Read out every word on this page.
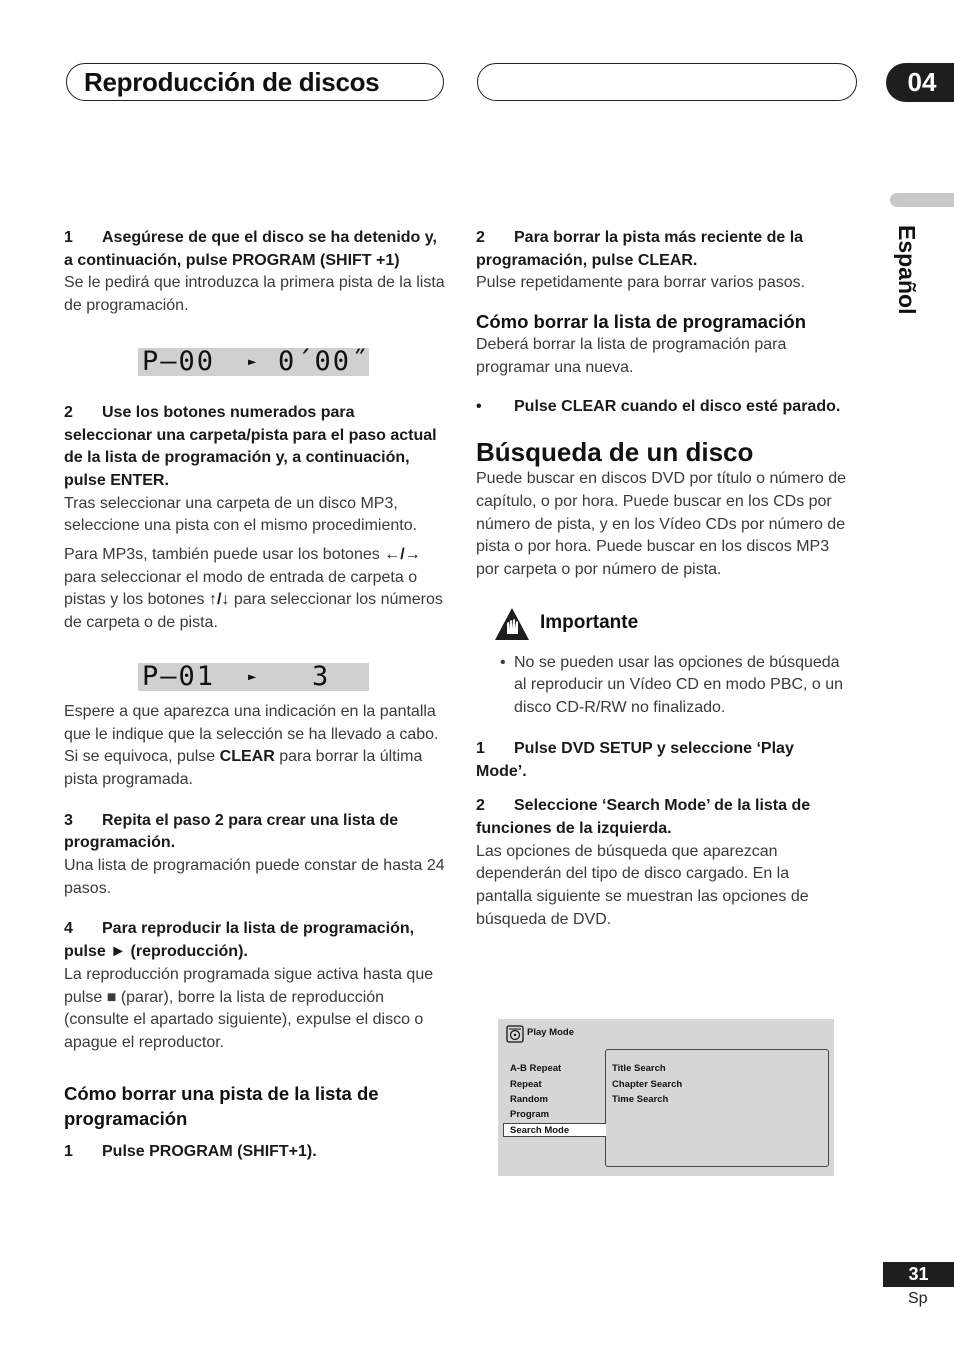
Reproducción de discos	04
Español

1 Asegúrese de que el disco se ha detenido y, a continuación, pulse PROGRAM (SHIFT +1)

Se le pedirá que introduzca la primera pista de la lista de programación.

P–00 ► 0´00˝

2 Use los botones numerados para seleccionar una carpeta/pista para el paso actual de la lista de programación y, a continuación, pulse ENTER.

Tras seleccionar una carpeta de un disco MP3, seleccione una pista con el mismo procedimiento.

Para MP3s, también puede usar los botones ←/→ para seleccionar el modo de entrada de carpeta o pistas y los botones ↑/↓ para seleccionar los números de carpeta o de pista.

P–01 ► 3

Espere a que aparezca una indicación en la pantalla que le indique que la selección se ha llevado a cabo. Si se equivoca, pulse CLEAR para borrar la última pista programada.

3 Repita el paso 2 para crear una lista de programación.

Una lista de programación puede constar de hasta 24 pasos.

4 Para reproducir la lista de programación, pulse ► (reproducción).

La reproducción programada sigue activa hasta que pulse ■ (parar), borre la lista de reproducción (consulte el apartado siguiente), expulse el disco o apague el reproductor.

Cómo borrar una pista de la lista de programación

1 Pulse PROGRAM (SHIFT+1).

2 Para borrar la pista más reciente de la programación, pulse CLEAR.

Pulse repetidamente para borrar varios pasos.

Cómo borrar la lista de programación

Deberá borrar la lista de programación para programar una nueva.

•	Pulse CLEAR cuando el disco esté parado.

Búsqueda de un disco

Puede buscar en discos DVD por título o número de capítulo, o por hora. Puede buscar en los CDs por número de pista, y en los Vídeo CDs por número de pista o por hora. Puede buscar en los discos MP3 por carpeta o por número de pista.

Importante
• No se pueden usar las opciones de búsqueda al reproducir un Vídeo CD en modo PBC, o un disco CD-R/RW no finalizado.

1 Pulse DVD SETUP y seleccione ‘Play Mode’.

2 Seleccione ‘Search Mode’ de la lista de funciones de la izquierda.

Las opciones de búsqueda que aparezcan dependerán del tipo de disco cargado. En la pantalla siguiente se muestran las opciones de búsqueda de DVD.

Play Mode
A-B Repeat
Repeat
Random
Program
Search Mode
Title Search
Chapter Search
Time Search
31
Sp
